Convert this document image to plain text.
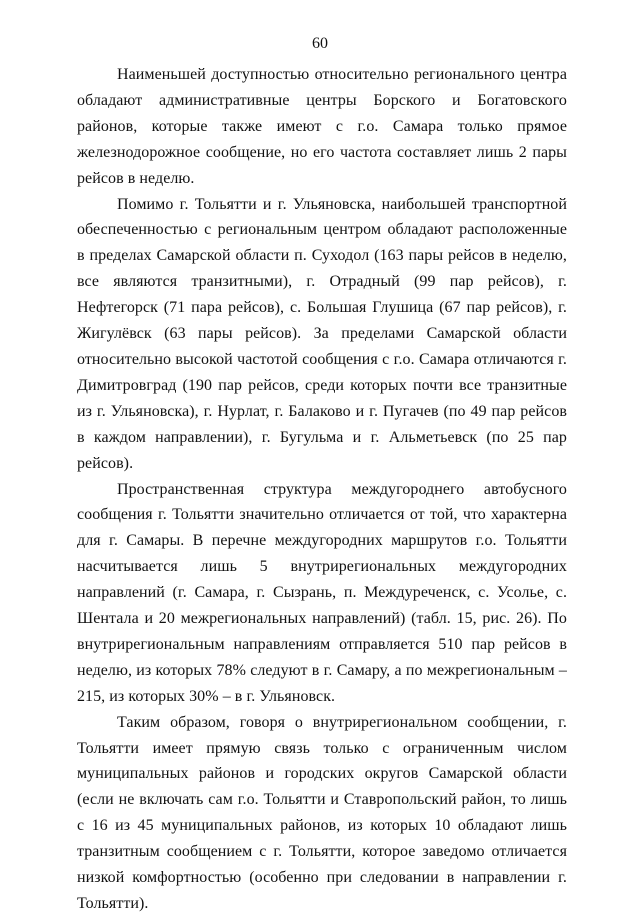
60

Наименьшей доступностью относительно регионального центра обладают административные центры Борского и Богатовского районов, которые также имеют с г.о. Самара только прямое железнодорожное сообщение, но его частота составляет лишь 2 пары рейсов в неделю.

Помимо г. Тольятти и г. Ульяновска, наибольшей транспортной обеспеченностью с региональным центром обладают расположенные в пределах Самарской области п. Суходол (163 пары рейсов в неделю, все являются транзитными), г. Отрадный (99 пар рейсов), г. Нефтегорск (71 пара рейсов), с. Большая Глушица (67 пар рейсов), г. Жигулёвск (63 пары рейсов). За пределами Самарской области относительно высокой частотой сообщения с г.о. Самара отличаются г. Димитровград (190 пар рейсов, среди которых почти все транзитные из г. Ульяновска), г. Нурлат, г. Балаково и г. Пугачев (по 49 пар рейсов в каждом направлении), г. Бугульма и г. Альметьевск (по 25 пар рейсов).

Пространственная структура междугороднего автобусного сообщения г. Тольятти значительно отличается от той, что характерна для г. Самары. В перечне междугородних маршрутов г.о. Тольятти насчитывается лишь 5 внутрирегиональных междугородних направлений (г. Самара, г. Сызрань, п. Междуреченск, с. Усолье, с. Шентала и 20 межрегиональных направлений) (табл. 15, рис. 26). По внутрирегиональным направлениям отправляется 510 пар рейсов в неделю, из которых 78% следуют в г. Самару, а по межрегиональным – 215, из которых 30% – в г. Ульяновск.

Таким образом, говоря о внутрирегиональном сообщении, г. Тольятти имеет прямую связь только с ограниченным числом муниципальных районов и городских округов Самарской области (если не включать сам г.о. Тольятти и Ставропольский район, то лишь с 16 из 45 муниципальных районов, из которых 10 обладают лишь транзитным сообщением с г. Тольятти, которое заведомо отличается низкой комфортностью (особенно при следовании в направлении г. Тольятти).
